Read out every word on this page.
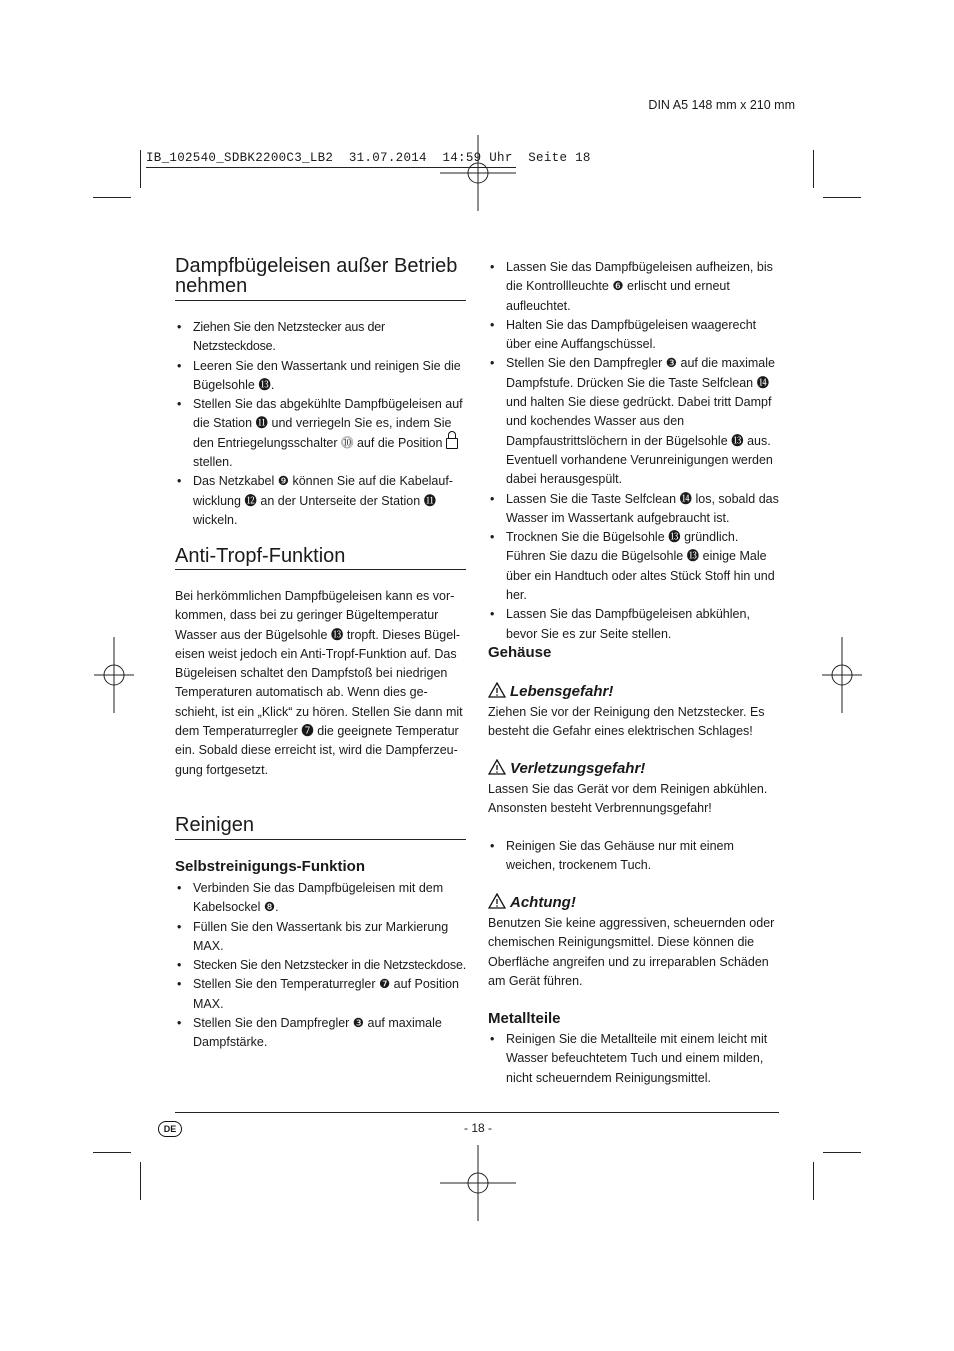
DIN A5 148 mm x 210 mm
IB_102540_SDBK2200C3_LB2  31.07.2014  14:59 Uhr  Seite 18
Dampfbügeleisen außer Betrieb
nehmen
• Ziehen Sie den Netzstecker aus der Netzsteckdose.
• Leeren Sie den Wassertank und reinigen Sie die Bügelsohle ⓭.
• Stellen Sie das abgekühlte Dampfbügeleisen auf die Station ⓫ und verriegeln Sie es, indem Sie den Entriegelungsschalter ⓾ auf die Position
stellen.
• Das Netzkabel ❾ können Sie auf die Kabelauf-wicklung ⓬ an der Unterseite der Station ⓫ wickeln.
Anti-Tropf-Funktion

Bei herkömmlichen Dampfbügeleisen kann es vor-kommen, dass bei zu geringer Bügeltemperatur Wasser aus der Bügelsohle ⓭ tropft. Dieses Bügel-eisen weist jedoch ein Anti-Tropf-Funktion auf. Das Bügeleisen schaltet den Dampfstoß bei niedrigen Temperaturen automatisch ab. Wenn dies ge-schieht, ist ein „Klick“ zu hören. Stellen Sie dann mit dem Temperaturregler ❼ die geeignete Temperatur ein. Sobald diese erreicht ist, wird die Dampferzeu-gung fortgesetzt.

Reinigen
Selbstreinigungs-Funktion
• Verbinden Sie das Dampfbügeleisen mit dem Kabelsockel ❽.
• Füllen Sie den Wassertank bis zur Markierung MAX.
• Stecken Sie den Netzstecker in die Netzsteckdose.
• Stellen Sie den Temperaturregler ❼ auf Position MAX.
• Stellen Sie den Dampfregler ❸ auf maximale Dampfstärke.
• Lassen Sie das Dampfbügeleisen aufheizen, bis die Kontrollleuchte ❻ erlischt und erneut aufleuchtet.
• Halten Sie das Dampfbügeleisen waagerecht über eine Auffangschüssel.
• Stellen Sie den Dampfregler ❸ auf die maximale Dampfstufe. Drücken Sie die Taste Selfclean ⓮ und halten Sie diese gedrückt. Dabei tritt Dampf und kochendes Wasser aus den Dampfaustrittslöchern in der Bügelsohle ⓭ aus. Eventuell vorhandene Verunreinigungen werden dabei herausgespült.
• Lassen Sie die Taste Selfclean ⓮ los, sobald das Wasser im Wassertank aufgebraucht ist.
• Trocknen Sie die Bügelsohle ⓭ gründlich. Führen Sie dazu die Bügelsohle ⓭ einige Male über ein Handtuch oder altes Stück Stoff hin und her.
• Lassen Sie das Dampfbügeleisen abkühlen, bevor Sie es zur Seite stellen.
Gehäuse
Lebensgefahr!

Ziehen Sie vor der Reinigung den Netzstecker. Es besteht die Gefahr eines elektrischen Schlages!

Verletzungsgefahr!

Lassen Sie das Gerät vor dem Reinigen abkühlen. Ansonsten besteht Verbrennungsgefahr!

• Reinigen Sie das Gehäuse nur mit einem weichen, trockenem Tuch.
Achtung!

Benutzen Sie keine aggressiven, scheuernden oder chemischen Reinigungsmittel. Diese können die Oberfläche angreifen und zu irreparablen Schäden am Gerät führen.

Metallteile
• Reinigen Sie die Metallteile mit einem leicht mit Wasser befeuchtetem Tuch und einem milden, nicht scheuerndem Reinigungsmittel.
DE	- 18 -
